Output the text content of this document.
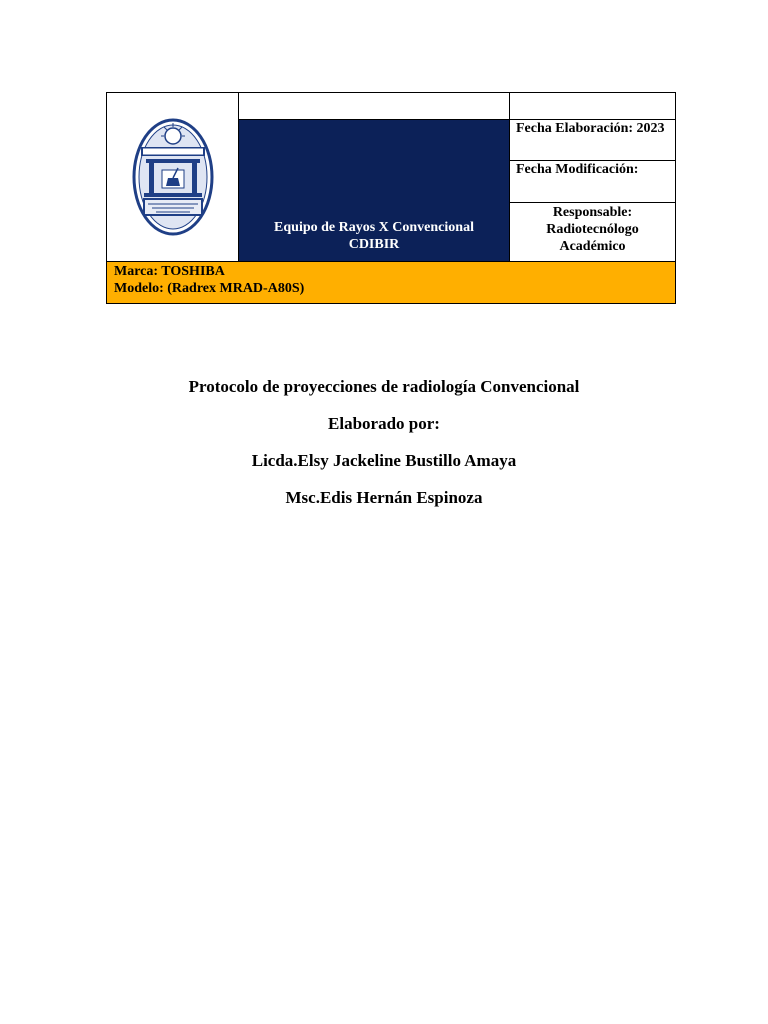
Equipo de Rayos X Convencional
CDIBIR
Fecha Elaboración: 2023
Fecha Modificación:
Responsable:
Radiotecnólogo
Académico
Marca: TOSHIBA
Modelo: (Radrex MRAD-A80S)
Protocolo de proyecciones de radiología Convencional
Elaborado por:
Licda.Elsy Jackeline Bustillo Amaya
Msc.Edis Hernán Espinoza
